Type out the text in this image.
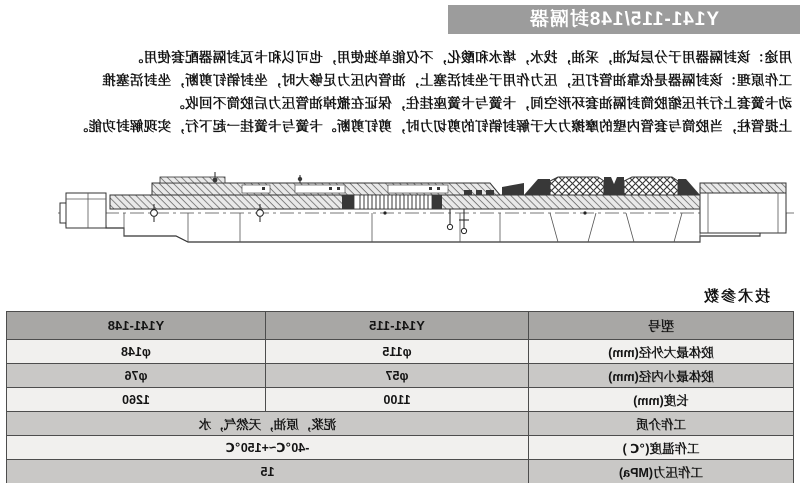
Y141-115/148封隔器
用途：该封隔器用于分层试油，采油，找水，堵水和酸化，不仅能单独使用，也可以和卡瓦封隔器配套使用。
工作原理：该封隔器是依靠油管打压，压力作用于坐封活塞上，油管内压力足够大时，坐封销钉剪断，坐封活塞推
动卡簧套上行并压缩胶筒封隔油套环形空间，卡簧与卡簧座挂住，保证在撤掉油管压力后胶筒不回收。
上提管柱，当胶筒与套管内壁的摩擦力大于解封销钉的剪切力时，剪钉剪断。卡簧与卡簧挂一起下行，实现解封功能。
技术参数
型号	Y141-115	Y141-148
胶体最大外径(mm)	φ115	φ148
胶体最小内径(mm)	φ57	φ76
长度(mm)	1100	1260
工作介质	泥浆，原油，天然气，水	
工作温度(℃ )	-40℃~+150℃	
工作压力(MPa)	15	
